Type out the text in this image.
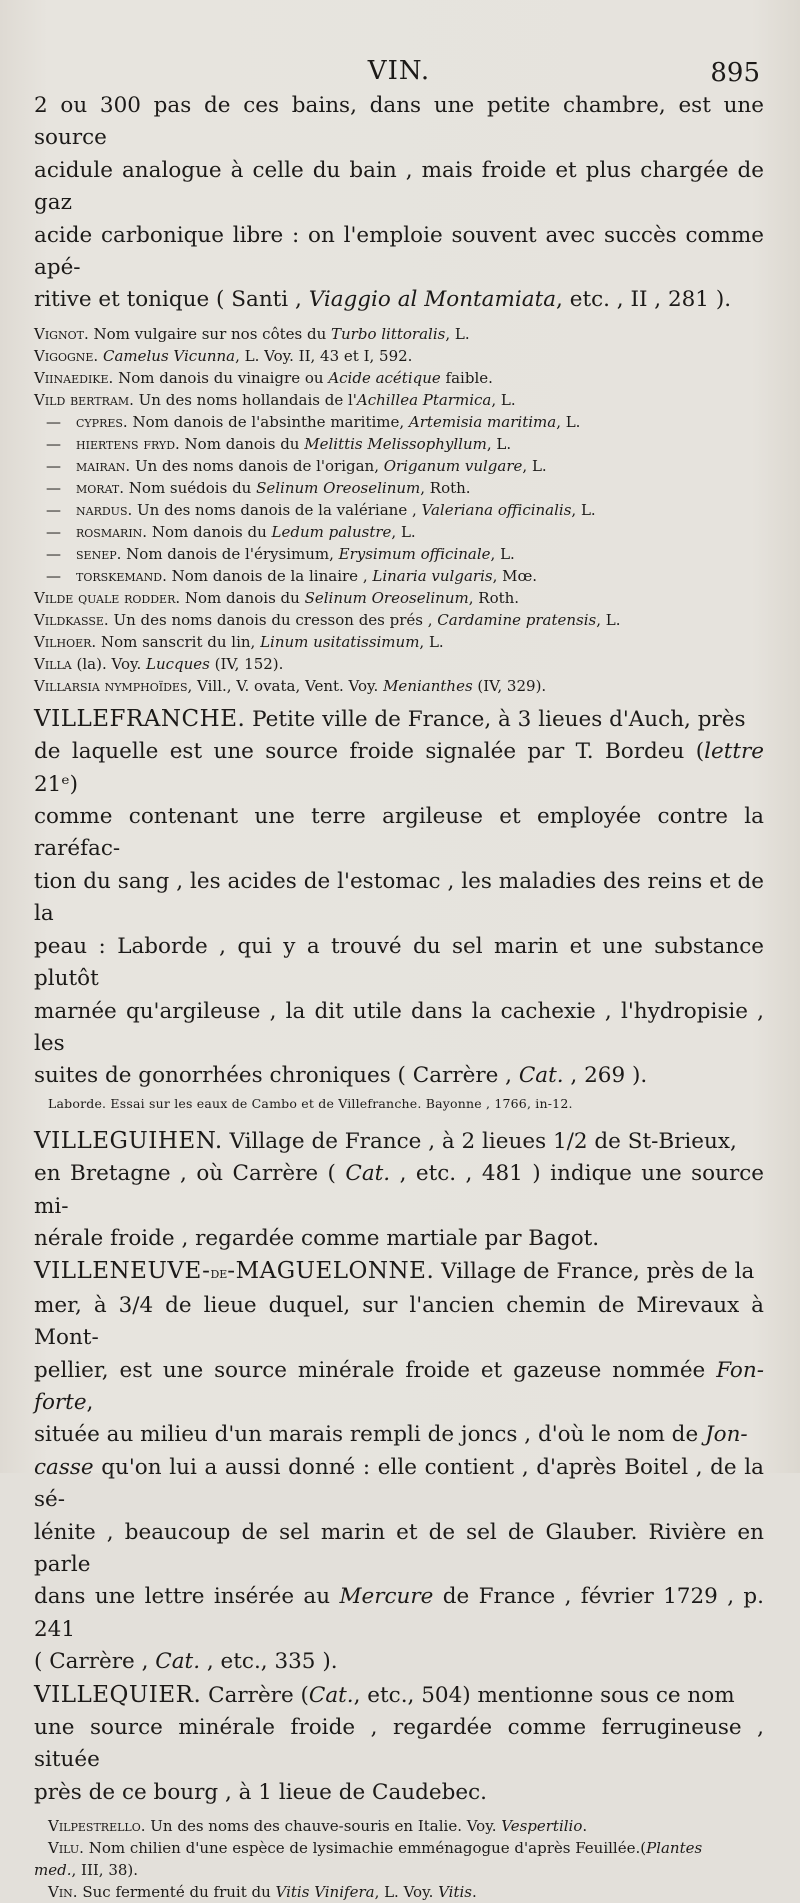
VIN.	895

2 ou 300 pas de ces bains, dans une petite chambre, est une source

acidule analogue à celle du bain , mais froide et plus chargée de gaz

acide carbonique libre : on l'emploie souvent avec succès comme apé-

ritive et tonique ( Santi , Viaggio al Montamiata, etc. , II , 281 ).

Vignot. Nom vulgaire sur nos côtes du Turbo littoralis, L.

Vigogne. Camelus Vicunna, L. Voy. II, 43 et I, 592.

Viinaedike. Nom danois du vinaigre ou Acide acétique faible.

Vild bertram. Un des noms hollandais de l'Achillea Ptarmica, L.

— cypres. Nom danois de l'absinthe maritime, Artemisia maritima, L.

— hiertens fryd. Nom danois du Melittis Melissophyllum, L.

— mairan. Un des noms danois de l'origan, Origanum vulgare, L.

— morat. Nom suédois du Selinum Oreoselinum, Roth.

— nardus. Un des noms danois de la valériane , Valeriana officinalis, L.

— rosmarin. Nom danois du Ledum palustre, L.

— senep. Nom danois de l'érysimum, Erysimum officinale, L.

— torskemand. Nom danois de la linaire , Linaria vulgaris, Mœ.

Vilde quale rodder. Nom danois du Selinum Oreoselinum, Roth.

Vildkasse. Un des noms danois du cresson des prés , Cardamine pratensis, L.

Vilhoer. Nom sanscrit du lin, Linum usitatissimum, L.

Villa (la). Voy. Lucques (IV, 152).

Villarsia nymphoïdes, Vill., V. ovata, Vent. Voy. Menianthes (IV, 329).

VILLEFRANCHE. Petite ville de France, à 3 lieues d'Auch, près

de laquelle est une source froide signalée par T. Bordeu (lettre 21ᵉ)

comme contenant une terre argileuse et employée contre la raréfac-

tion du sang , les acides de l'estomac , les maladies des reins et de la

peau : Laborde , qui y a trouvé du sel marin et une substance plutôt

marnée qu'argileuse , la dit utile dans la cachexie , l'hydropisie , les

suites de gonorrhées chroniques ( Carrère , Cat. , 269 ).

Laborde. Essai sur les eaux de Cambo et de Villefranche. Bayonne , 1766, in-12.

VILLEGUIHEN. Village de France , à 2 lieues 1/2 de St-Brieux,

en Bretagne , où Carrère ( Cat. , etc. , 481 ) indique une source mi-

nérale froide , regardée comme martiale par Bagot.

VILLENEUVE-de-MAGUELONNE. Village de France, près de la

mer, à 3/4 de lieue duquel, sur l'ancien chemin de Mirevaux à Mont-

pellier, est une source minérale froide et gazeuse nommée Fon-forte,

située au milieu d'un marais rempli de joncs , d'où le nom de Jon-

casse qu'on lui a aussi donné : elle contient , d'après Boitel , de la sé-

lénite , beaucoup de sel marin et de sel de Glauber. Rivière en parle

dans une lettre insérée au Mercure de France , février 1729 , p. 241

( Carrère , Cat. , etc., 335 ).

VILLEQUIER. Carrère (Cat., etc., 504) mentionne sous ce nom

une source minérale froide , regardée comme ferrugineuse , située

près de ce bourg , à 1 lieue de Caudebec.

Vilpestrello. Un des noms des chauve-souris en Italie. Voy. Vespertilio.

Vilu. Nom chilien d'une espèce de lysimachie emménagogue d'après Feuillée.(Plantes

med., III, 38).

Vin. Suc fermenté du fruit du Vitis Vinifera, L. Voy. Vitis.
